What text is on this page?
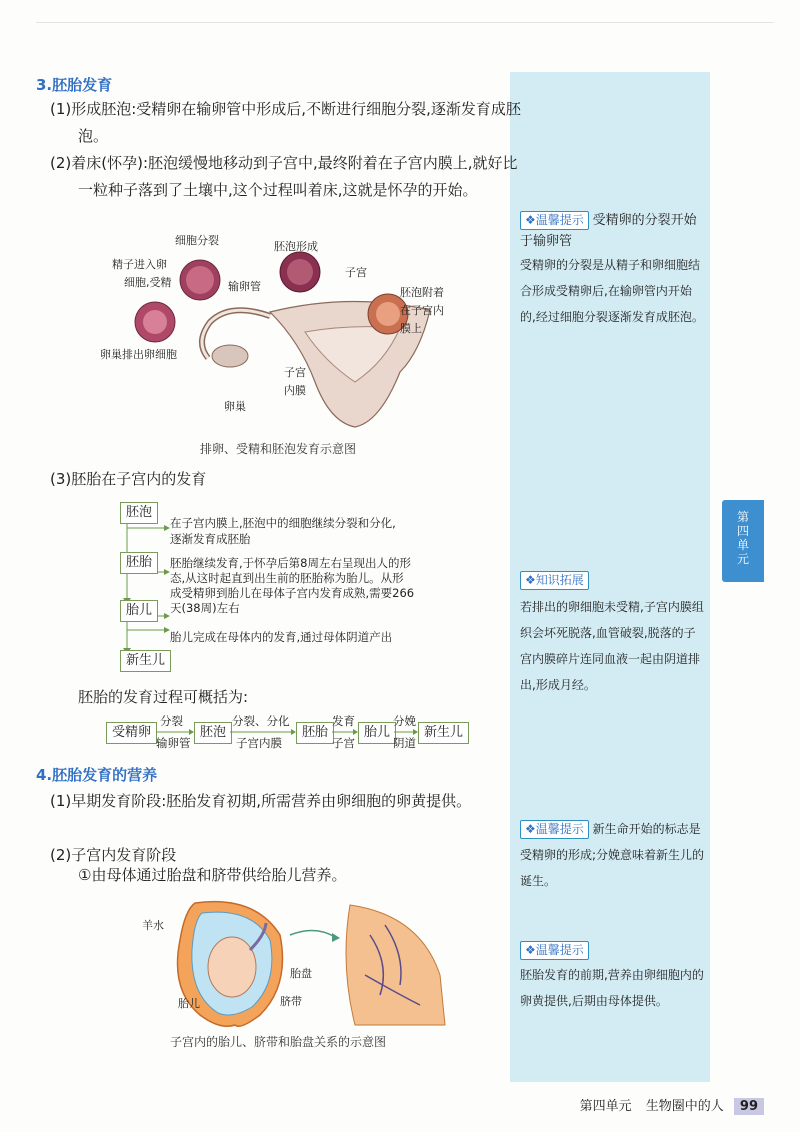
第
四
单
元
3.胚胎发育
(1)形成胚泡:受精卵在输卵管中形成后,不断进行细胞分裂,逐渐发育成胚泡。
(2)着床(怀孕):胚泡缓慢地移动到子宫中,最终附着在子宫内膜上,就好比一粒种子落到了土壤中,这个过程叫着床,这就是怀孕的开始。
细胞分裂	胚泡形成
精子进入卵
细胞,受精	输卵管
子宫
胚泡附着
在子宫内
膜上
卵巢排出卵细胞
子宫
内膜
卵巢
排卵、受精和胚泡发育示意图
(3)胚胎在子宫内的发育
胚泡
胚胎
胎儿
新生儿
在子宫内膜上,胚泡中的细胞继续分裂和分化,
逐渐发育成胚胎
胚胎继续发育,于怀孕后第8周左右呈现出人的形
态,从这时起直到出生前的胚胎称为胎儿。从形
成受精卵到胎儿在母体子宫内发育成熟,需要266
天(38周)左右
胎儿完成在母体内的发育,通过母体阴道产出
胚胎的发育过程可概括为:
受精卵	胚泡	胚胎	胎儿	新生儿
分裂	分裂、分化	发育	分娩
输卵管	子宫内膜	子宫	阴道
4.胚胎发育的营养
(1)早期发育阶段:胚胎发育初期,所需营养由卵细胞的卵黄提供。
(2)子宫内发育阶段
①由母体通过胎盘和脐带供给胎儿营养。
羊水
胎盘
胎儿	脐带
子宫内的胎儿、脐带和胎盘关系的示意图
❖温馨提示 受精卵的分裂开始于输卵管
受精卵的分裂是从精子和卵细胞结合形成受精卵后,在输卵管内开始的,经过细胞分裂逐渐发育成胚泡。
❖知识拓展
若排出的卵细胞未受精,子宫内膜组织会坏死脱落,血管破裂,脱落的子宫内膜碎片连同血液一起由阴道排出,形成月经。
❖温馨提示 新生命开始的标志是受精卵的形成;分娩意味着新生儿的诞生。
❖温馨提示
胚胎发育的前期,营养由卵细胞内的卵黄提供,后期由母体提供。
第四单元 生物圈中的人 99
